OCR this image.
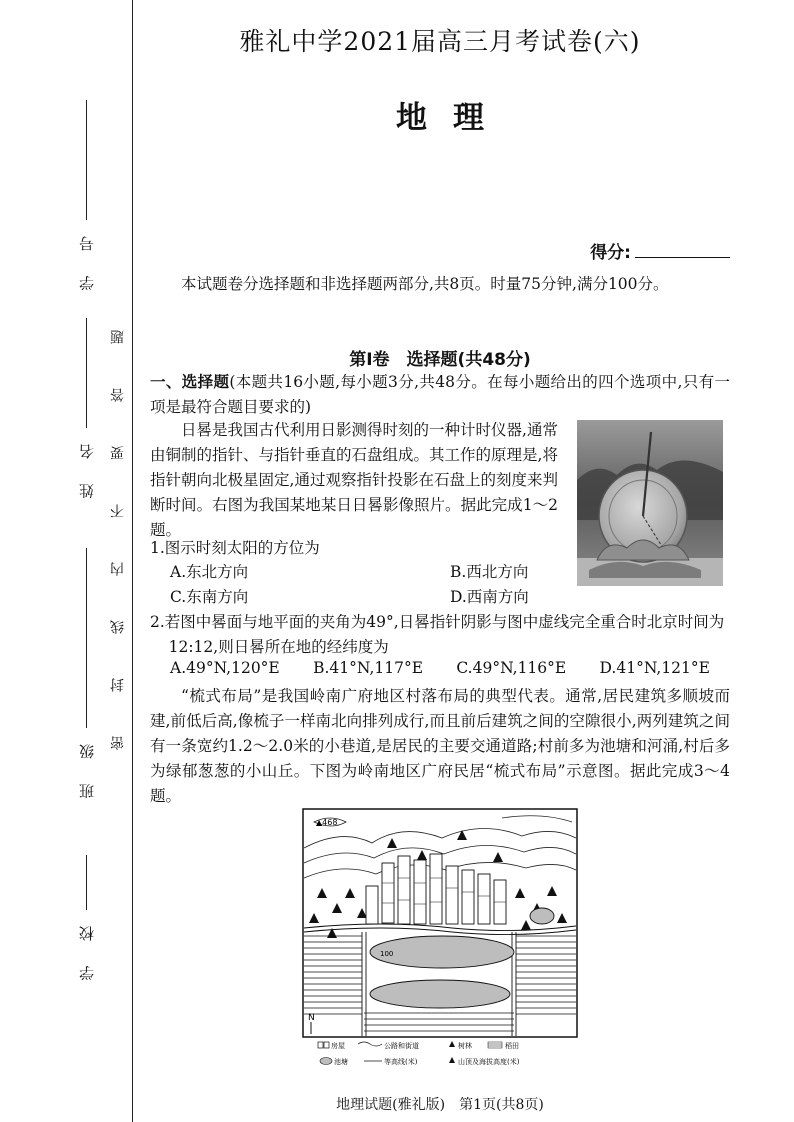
学 号
姓 名
班 级
学 校
题
答
要
不
内
线
封
密
雅礼中学2021届高三月考试卷(六)
地理
得分:

本试题卷分选择题和非选择题两部分,共8页。时量75分钟,满分100分。

第Ⅰ卷　选择题(共48分)

一、选择题(本题共16小题,每小题3分,共48分。在每小题给出的四个选项中,只有一项是最符合题目要求的)

日晷是我国古代利用日影测得时刻的一种计时仪器,通常由铜制的指针、与指针垂直的石盘组成。其工作的原理是,将指针朝向北极星固定,通过观察指针投影在石盘上的刻度来判断时间。右图为我国某地某日日晷影像照片。据此完成1～2题。

1.图示时刻太阳的方位为

A.东北方向	B.西北方向
C.东南方向	D.西南方向

2.若图中晷面与地平面的夹角为49°,日晷指针阴影与图中虚线完全重合时北京时间为12:12,则日晷所在地的经纬度为

A.49°N,120°E B.41°N,117°E C.49°N,116°E D.41°N,121°E

“梳式布局”是我国岭南广府地区村落布局的典型代表。通常,居民建筑多顺坡而建,前低后高,像梳子一样南北向排列成行,而且前后建筑之间的空隙很小,两列建筑之间有一条宽约1.2～2.0米的小巷道,是居民的主要交通道路;村前多为池塘和河涌,村后多为绿郁葱葱的小山丘。下图为岭南地区广府民居“梳式布局”示意图。据此完成3～4题。

▲468
100
N
房屋	公路和街道	树林	稻田
池塘	等高线(米)	山顶及海拔高度(米)
地理试题(雅礼版)　第1页(共8页)
